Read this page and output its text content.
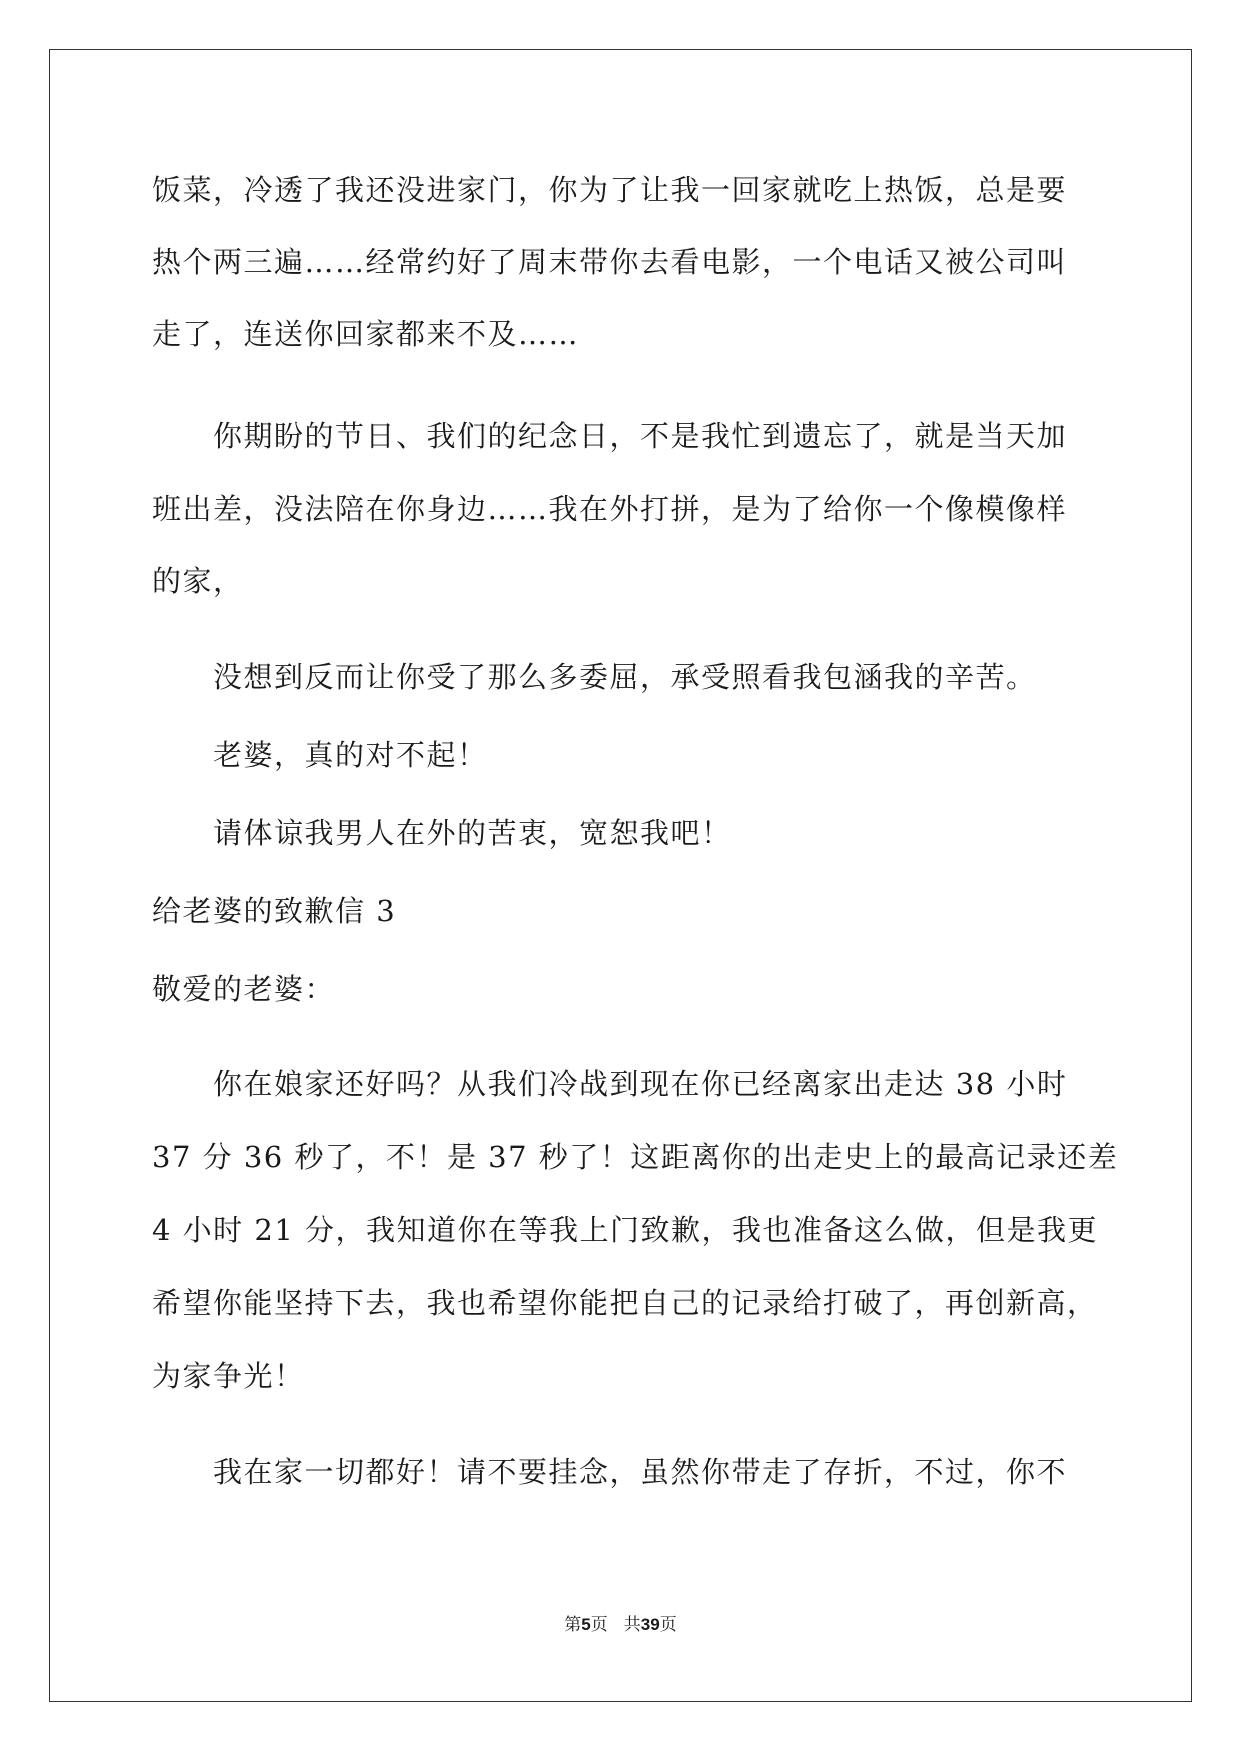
饭菜，冷透了我还没进家门，你为了让我一回家就吃上热饭，总是要
热个两三遍……经常约好了周末带你去看电影，一个电话又被公司叫
走了，连送你回家都来不及……
你期盼的节日、我们的纪念日，不是我忙到遗忘了，就是当天加
班出差，没法陪在你身边……我在外打拼，是为了给你一个像模像样
的家，
没想到反而让你受了那么多委屈，承受照看我包涵我的辛苦。
老婆，真的对不起！
请体谅我男人在外的苦衷，宽恕我吧！
给老婆的致歉信 3
敬爱的老婆：
你在娘家还好吗？从我们冷战到现在你已经离家出走达 38 小时
37 分 36 秒了，不！是 37 秒了！这距离你的出走史上的最高记录还差
4 小时 21 分，我知道你在等我上门致歉，我也准备这么做，但是我更
希望你能坚持下去，我也希望你能把自己的记录给打破了，再创新高，
为家争光！
我在家一切都好！请不要挂念，虽然你带走了存折，不过，你不
第5页 共39页
